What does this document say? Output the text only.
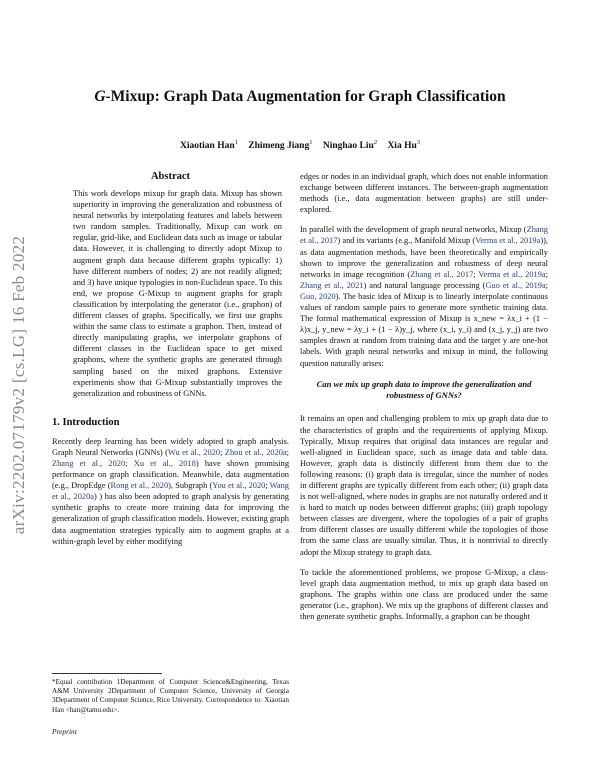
arXiv:2202.07179v2 [cs.LG] 16 Feb 2022
G-Mixup: Graph Data Augmentation for Graph Classification
Xiaotian Han$^1$ Zhimeng Jiang$^1$ Ninghao Liu$^2$ Xia Hu$^3$
Abstract

This work develops mixup for graph data. Mixup has shown superiority in improving the generalization and robustness of neural networks by interpolating features and labels between two random samples. Traditionally, Mixup can work on regular, grid-like, and Euclidean data such as image or tabular data. However, it is challenging to directly adopt Mixup to augment graph data because different graphs typically: 1) have different numbers of nodes; 2) are not readily aligned; and 3) have unique typologies in non-Euclidean space. To this end, we propose G-Mixup to augment graphs for graph classification by interpolating the generator (i.e., graphon) of different classes of graphs. Specifically, we first use graphs within the same class to estimate a graphon. Then, instead of directly manipulating graphs, we interpolate graphons of different classes in the Euclidean space to get mixed graphons, where the synthetic graphs are generated through sampling based on the mixed graphons. Extensive experiments show that G-Mixup substantially improves the generalization and robustness of GNNs.

1. Introduction

Recently deep learning has been widely adopted to graph analysis. Graph Neural Networks (GNNs) (Wu et al., 2020; Zhou et al., 2020a; Zhang et al., 2020; Xu et al., 2018) have shown promising performance on graph classification. Meanwhile, data augmentation (e.g., DropEdge (Rong et al., 2020), Subgraph (You et al., 2020; Wang et al., 2020a) ) has also been adopted to graph analysis by generating synthetic graphs to create more training data for improving the generalization of graph classification models. However, existing graph data augmentation strategies typically aim to augment graphs at a within-graph level by either modifying

*Equal contribution 1Department of Computer Science&Engineering, Texas A&M University 2Department of Computer Science, University of Georgia 3Department of Computer Science, Rice University. Correspondence to: Xiaotian Han <han@tamu.edu>.
Preprint

edges or nodes in an individual graph, which does not enable information exchange between different instances. The between-graph augmentation methods (i.e., data augmentation between graphs) are still under-explored.

In parallel with the development of graph neural networks, Mixup (Zhang et al., 2017) and its variants (e.g., Manifold Mixup (Verma et al., 2019a)), as data augmentation methods, have been theoretically and empirically shown to improve the generalization and robustness of deep neural networks in image recognition (Zhang et al., 2017; Verma et al., 2019a; Zhang et al., 2021) and natural language processing (Guo et al., 2019a; Guo, 2020). The basic idea of Mixup is to linearly interpolate continuous values of random sample pairs to generate more synthetic training data. The formal mathematical expression of Mixup is x_new = λx_i + (1 − λ)x_j, y_new = λy_i + (1 − λ)y_j, where (x_i, y_i) and (x_j, y_j) are two samples drawn at random from training data and the target y are one-hot labels. With graph neural networks and mixup in mind, the following question naturally arises:

Can we mix up graph data to improve the generalization and robustness of GNNs?

It remains an open and challenging problem to mix up graph data due to the characteristics of graphs and the requirements of applying Mixup. Typically, Mixup requires that original data instances are regular and well-aligned in Euclidean space, such as image data and table data. However, graph data is distinctly different from them due to the following reasons: (i) graph data is irregular, since the number of nodes in different graphs are typically different from each other; (ii) graph data is not well-aligned, where nodes in graphs are not naturally ordered and it is hard to match up nodes between different graphs; (iii) graph topology between classes are divergent, where the topologies of a pair of graphs from different classes are usually different while the topologies of those from the same class are usually similar. Thus, it is nontrivial to directly adopt the Mixup strategy to graph data.

To tackle the aforementioned problems, we propose G-Mixup, a class-level graph data augmentation method, to mix up graph data based on graphons. The graphs within one class are produced under the same generator (i.e., graphon). We mix up the graphons of different classes and then generate synthetic graphs. Informally, a graphon can be thought
